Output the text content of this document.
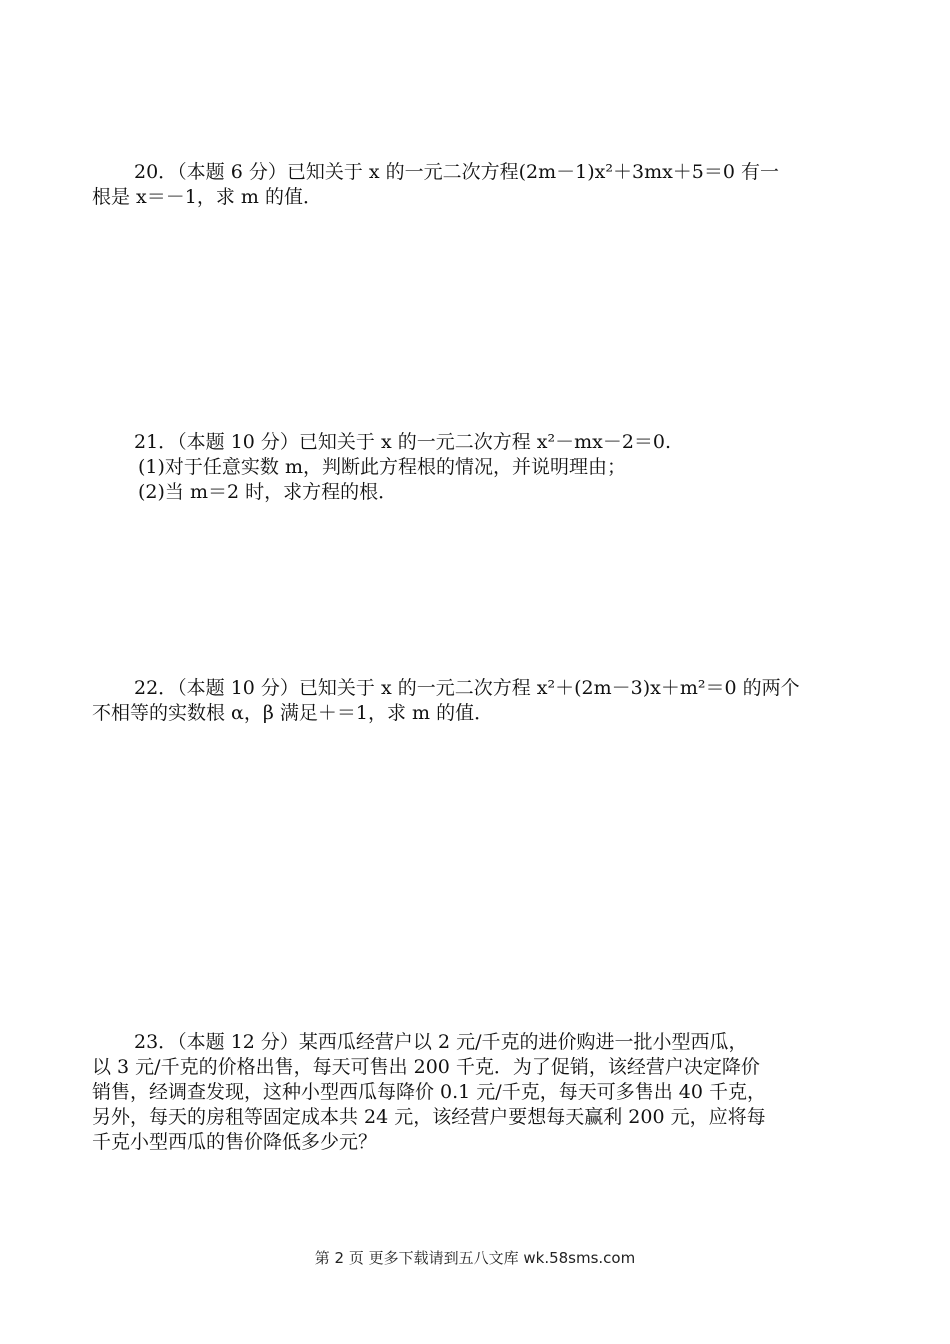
20．（本题 6 分）已知关于 x 的一元二次方程(2m－1)x²＋3mx＋5＝0 有一

根是 x＝－1，求 m 的值．

21．（本题 10 分）已知关于 x 的一元二次方程 x²－mx－2＝0.

(1)对于任意实数 m，判断此方程根的情况，并说明理由；

(2)当 m＝2 时，求方程的根．

22．（本题 10 分）已知关于 x 的一元二次方程 x²＋(2m－3)x＋m²＝0 的两个

不相等的实数根 α，β 满足＋＝1，求 m 的值．

23．（本题 12 分）某西瓜经营户以 2 元/千克的进价购进一批小型西瓜，

以 3 元/千克的价格出售，每天可售出 200 千克．为了促销，该经营户决定降价

销售，经调查发现，这种小型西瓜每降价 0.1 元/千克，每天可多售出 40 千克，

另外，每天的房租等固定成本共 24 元，该经营户要想每天赢利 200 元，应将每

千克小型西瓜的售价降低多少元？

第 2 页 更多下载请到五八文库 wk.58sms.com
